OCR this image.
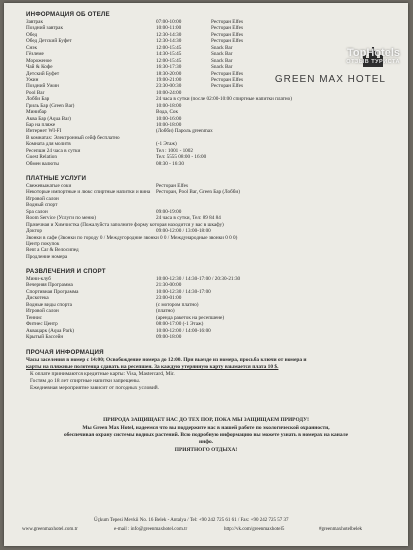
GREEN MAX HOTEL
TopHotels
ОТЗЫВ ТУРИСТА
ИНФОРМАЦИЯ ОБ ОТЕЛЕ
Завтрак	07:00-10:00	Ресторан Elfes
Поздний завтрак	10:00-11:00	Ресторан Elfes
Обед	12:30-14:30	Ресторан Elfes
Обед Детский Буфет	12:30-14:30	Ресторан Elfes
Снэк	12:00-15:45	Snack Bar
Гёзлеме	14:30-15:45	Snack Bar
Мороженое	12:00-15:45	Snack Bar
Чай & Кофе	16:30-17:30	Snack Bar
Детский Буфет	18:30-20:00	Ресторан Elfes
Ужин	19:00-21:00	Ресторан Elfes
Поздний Ужин	23:30-00:30	Ресторан Elfes
Pool Bar	10:00-24:00
Лобби Бар	24 часа в сутки (после 02:00-10:00 спиртные напитки платно)
Гриль Бар (Green Bar)	10:00-18:00
Минибар	Вода, Сок
Аква Бар (Aqua Bar)	10:00-16:00
Бар на пляже	10:00-18:00
Интернет WI-FI	(Лобби) Пароль greenmax
В комнатах: Электронный сейф бесплатно
Комната для молитв	(-1 Этаж)
Ресепшн 24 часа в сутки	Тел : 1001 - 1002
Guest Relation	Тел: 5555 08:00 - 16:00
Обмен валюты	08:30 - 16:30
ПЛАТНЫЕ УСЛУГИ
Свежевыжатые соки	Ресторан Elfes
Некоторые импортные и люкс спиртные напитки и вина Ресторан, Pool Bar, Green Бар (Лобби)
Игровой салон
Водный спорт
Spa салон	09:00-19:00
Room Service (Услуги по меню)	24 часа в сутки, Тел: 89 84 84
Прачечная и Химчистка (Пожалуйста заполните форму которая находится у вас в шкафу)
Доктор	09:00-12:00 / 13:00-18:00
Звонки в сафе (Звонки по городу 0 / Междугородние звонки 0 0 / Международные звонки 0 0 0)
Центр покупок
Rent a Car & Велосипед
Продление номера
РАЗВЛЕЧЕНИЯ И СПОРТ
Мини-клуб	10:00-12:30 / 14:30-17:00 / 20:30-21:30
Вечерняя Программа	21:30-00:00
Спортивная Программа	10:00-12:30 / 14:30-17:00
Дискотека	23:00-01:00
Водные виды спорта	(с мотором платно)
Игровой салон	(платно)
Теннис	(аренда ракеток на ресепшене)
Фитнес Центр	08:00-17:00 (-1 Этаж)
Аквацарк (Aqua Park)	10:00-12:00 / 14:00-16:00
Крытый Бассейн	09:00-18:00
ПРОЧАЯ ИНФОРМАЦИЯ
Часы заселения в номер с 14:00; Освобождение номера до 12:00. При выезде из номера, просьба ключи от номера и
карты на пляжные полотенца сдавать на ресепшен. За каждую утерянную карту взымается плата 10 $.
К оплате принимаются кредитные карты: Visa, Mastercard, Mir.
Гостям до 18 лет спиртные напитки запрещены.
Ежедневная мероприятие зависит от погодных условий.
ПРИРОДА ЗАЩИЩАЕТ НАС ДО ТЕХ ПОР, ПОКА МЫ ЗАЩИЩАЕМ ПРИРОДУ!
Мы Green Max Hotel, надеемся что вы поддержите нас в нашей работе по экологической охранности,
обеспечивая охрану системы водных растений. Всю подробную информацию вы можете узнать в номерах на канале
инфо.
ПРИЯТНОГО ОТДЫХА!
Üçkum Tepesi Mevkii No. 16 Belek - Antalya / Tel: +90 242 725 61 61 / Fax: +90 242 725 57 37
www.greenmaxhotel.com.tr	e-mail : info@greenmaxhotel.com.tr	http://vk.com/greenmaxhotel5	#greenmaxhotelbelek
